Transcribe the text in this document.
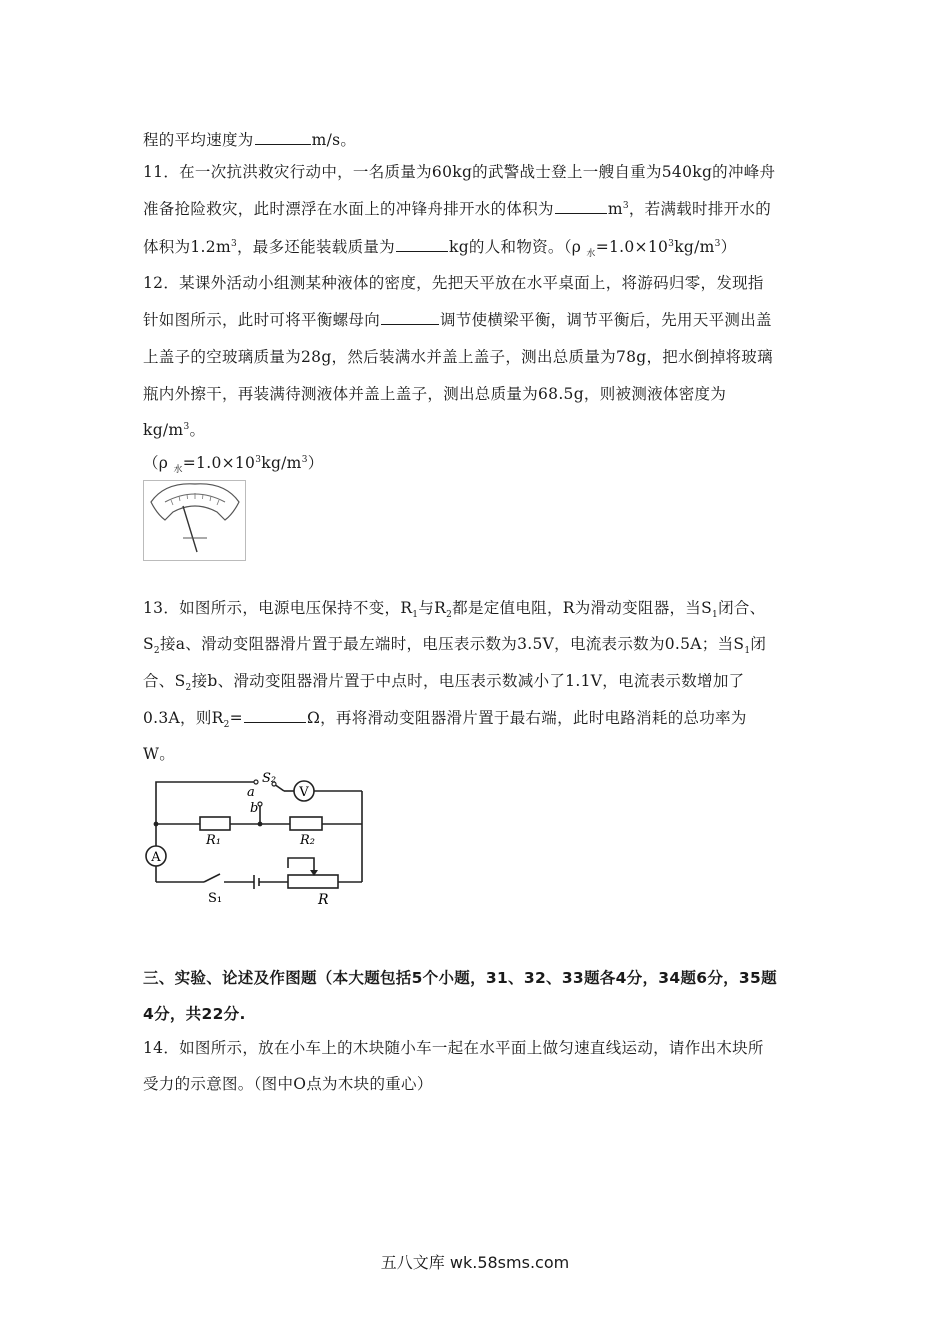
程的平均速度为	m/s。
11．在一次抗洪救灾行动中，一名质量为60kg的武警战士登上一艘自重为540kg的冲峰舟
准备抢险救灾，此时漂浮在水面上的冲锋舟排开水的体积为	$m^3$，若满载时排开水的
体积为$1.2m^3$，最多还能装载质量为	kg的人和物资。（ρ $_水=1.0\times 10^3kg/m^3$）
12．某课外活动小组测某种液体的密度，先把天平放在水平桌面上，将游码归零，发现指
针如图所示，此时可将平衡螺母向	调节使横梁平衡，调节平衡后，先用天平测出盖
上盖子的空玻璃质量为28g，然后装满水并盖上盖子，测出总质量为78g，把水倒掉将玻璃
瓶内外擦干，再装满待测液体并盖上盖子，测出总质量为68.5g，则被测液体密度为
$kg/m^3$。
（ρ $_水=1.0\times 10^3kg/m^3$）
13．如图所示，电源电压保持不变，$R_1$与$R_2$都是定值电阻，R为滑动变阻器，当$S_1$闭合、
$S_2$接a、滑动变阻器滑片置于最左端时，电压表示数为3.5V，电流表示数为0.5A；当$S_1$闭
合、$S_2$接b、滑动变阻器滑片置于中点时，电压表示数减小了1.1V，电流表示数增加了
0.3A，则$R_2=$	Ω，再将滑动变阻器滑片置于最右端，此时电路消耗的总功率为
W。
V
A
S₂
a
b
R₁	R₂
S₁	R
三、实验、论述及作图题（本大题包括5个小题，31、32、33题各4分，34题6分，35题
4分，共22分.
14．如图所示，放在小车上的木块随小车一起在水平面上做匀速直线运动，请作出木块所
受力的示意图。（图中O点为木块的重心）
五八文库 wk.58sms.com
